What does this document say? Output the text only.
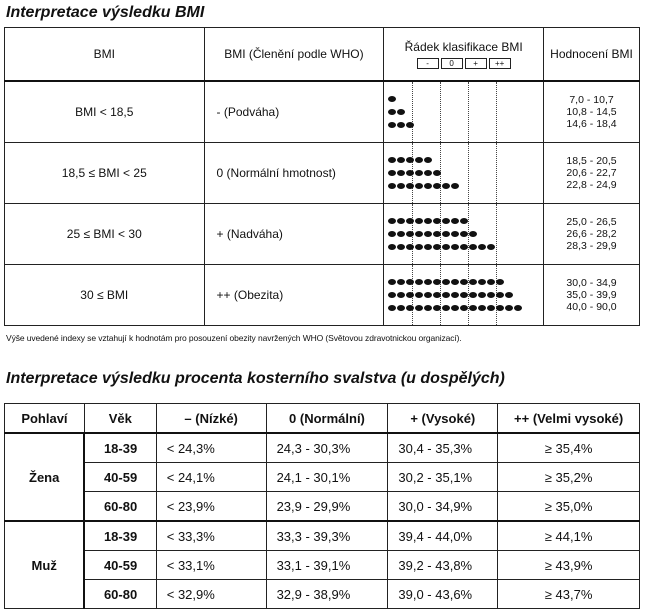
Interpretace výsledku BMI
BMI	BMI (Členění podle WHO)	Řádek klasifikace BMI
- 0 + ++	Hodnocení BMI
BMI < 18,5	- (Podváha)		7,0 - 10,7
10,8 - 14,5
14,6 - 18,4

18,5 ≤ BMI < 25	0 (Normální hmotnost)		18,5 - 20,5
20,6 - 22,7
22,8 - 24,9

25 ≤ BMI < 30	+ (Nadváha)		25,0 - 26,5
26,6 - 28,2
28,3 - 29,9

30 ≤ BMI	++ (Obezita)		30,0 - 34,9
35,0 - 39,9
40,0 - 90,0
Výše uvedené indexy se vztahují k hodnotám pro posouzení obezity navržených WHO (Světovou zdravotnickou organizací).
Interpretace výsledku procenta kosterního svalstva (u dospělých)
Pohlaví	Věk	– (Nízké)	0 (Normální)	+ (Vysoké)	++ (Velmi vysoké)
Žena	18-39	< 24,3%	24,3 - 30,3%	30,4 - 35,3%	≥ 35,4%
	40-59	< 24,1%	24,1 - 30,1%	30,2 - 35,1%	≥ 35,2%
	60-80	< 23,9%	23,9 - 29,9%	30,0 - 34,9%	≥ 35,0%
Muž	18-39	< 33,3%	33,3 - 39,3%	39,4 - 44,0%	≥ 44,1%
	40-59	< 33,1%	33,1 - 39,1%	39,2 - 43,8%	≥ 43,9%
	60-80	< 32,9%	32,9 - 38,9%	39,0 - 43,6%	≥ 43,7%
